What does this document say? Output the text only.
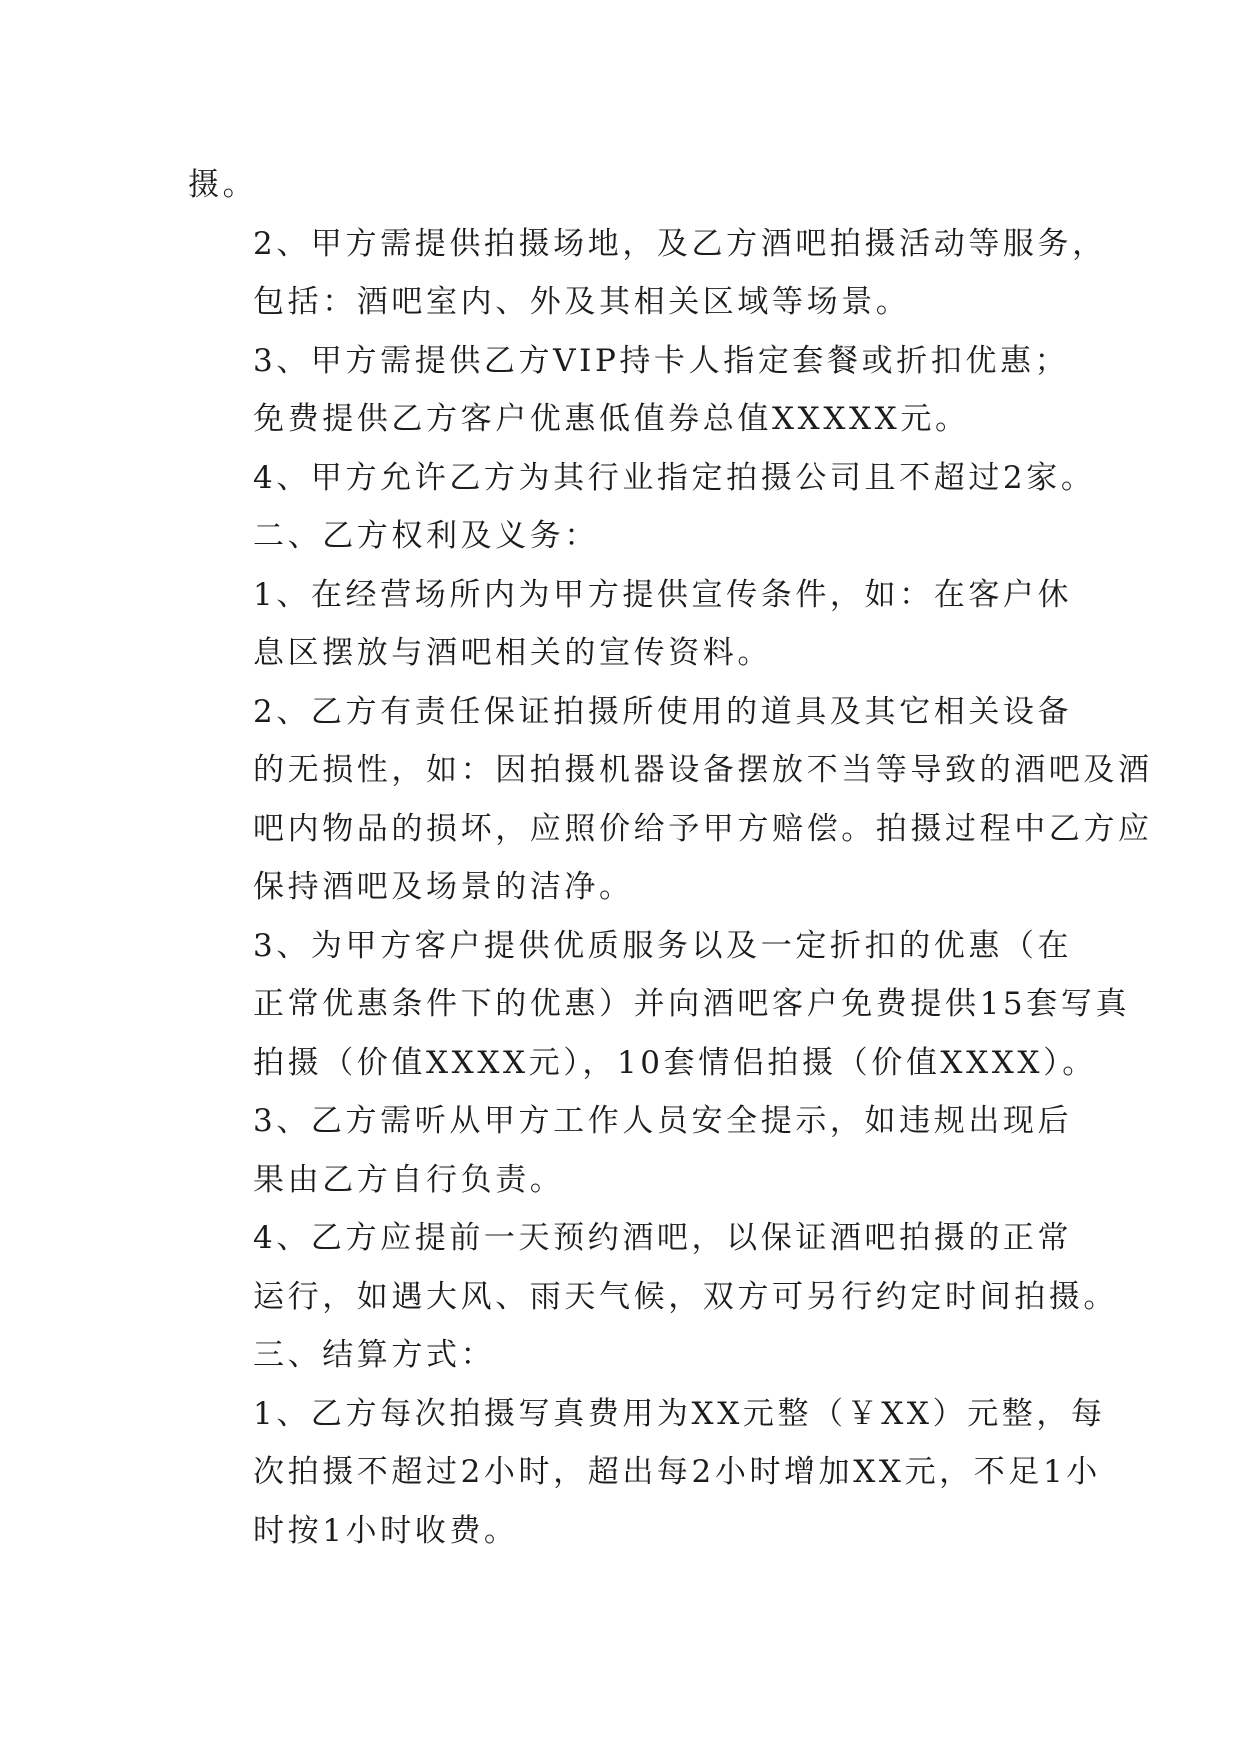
摄。

2、甲方需提供拍摄场地，及乙方酒吧拍摄活动等服务，
包括：酒吧室内、外及其相关区域等场景。

3、甲方需提供乙方VIP持卡人指定套餐或折扣优惠；
免费提供乙方客户优惠低值券总值XXXXX元。

4、甲方允许乙方为其行业指定拍摄公司且不超过2家。

二、乙方权利及义务：

1、在经营场所内为甲方提供宣传条件，如：在客户休
息区摆放与酒吧相关的宣传资料。

2、乙方有责任保证拍摄所使用的道具及其它相关设备
的无损性，如：因拍摄机器设备摆放不当等导致的酒吧及酒
吧内物品的损坏，应照价给予甲方赔偿。拍摄过程中乙方应
保持酒吧及场景的洁净。

3、为甲方客户提供优质服务以及一定折扣的优惠（在
正常优惠条件下的优惠）并向酒吧客户免费提供15套写真
拍摄（价值XXXX元），10套情侣拍摄（价值XXXX）。

3、乙方需听从甲方工作人员安全提示，如违规出现后
果由乙方自行负责。

4、乙方应提前一天预约酒吧，以保证酒吧拍摄的正常
运行，如遇大风、雨天气候，双方可另行约定时间拍摄。

三、结算方式：

1、乙方每次拍摄写真费用为XX元整（￥XX）元整，每
次拍摄不超过2小时，超出每2小时增加XX元，不足1小
时按1小时收费。
